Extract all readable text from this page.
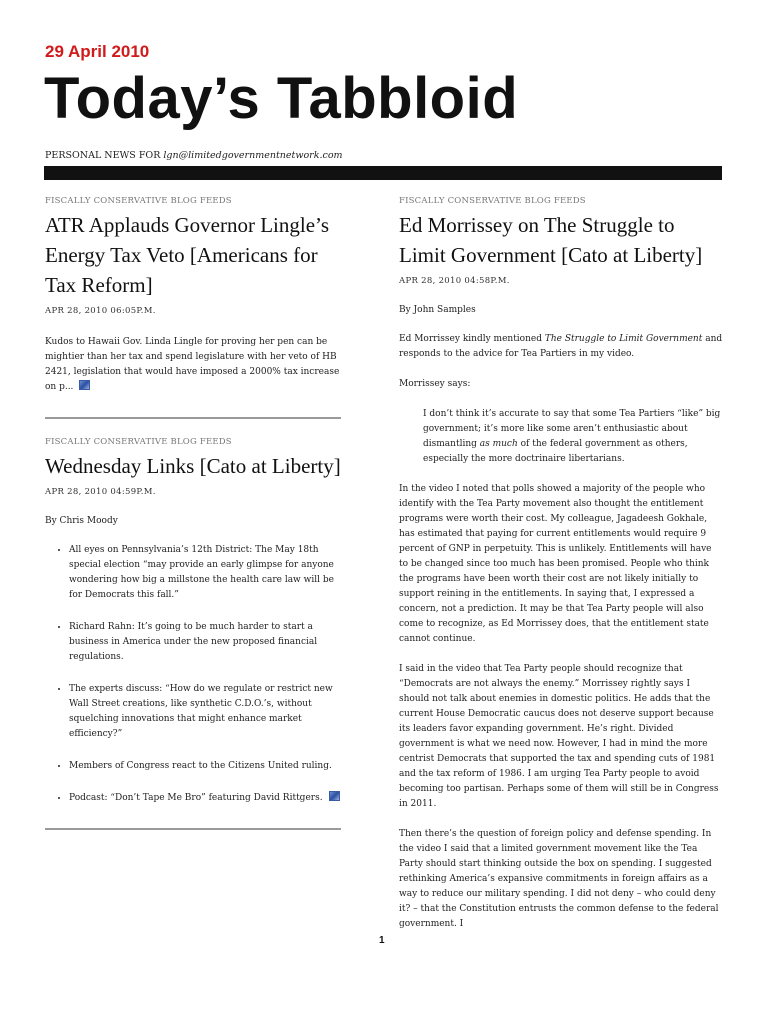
29 April 2010
Today’s Tabbloid
PERSONAL NEWS FOR lgn@limitedgovernmentnetwork.com
FISCALLY CONSERVATIVE BLOG FEEDS
ATR Applauds Governor Lingle’s Energy Tax Veto [Americans for Tax Reform]
APR 28, 2010 06:05P.M.

Kudos to Hawaii Gov. Linda Lingle for proving her pen can be mightier than her tax and spend legislature with her veto of HB 2421, legislation that would have imposed a 2000% tax increase on p...

FISCALLY CONSERVATIVE BLOG FEEDS
Wednesday Links [Cato at Liberty]
APR 28, 2010 04:59P.M.
By Chris Moody
• All eyes on Pennsylvania’s 12th District: The May 18th special election “may provide an early glimpse for anyone wondering how big a millstone the health care law will be for Democrats this fall.”
• Richard Rahn: It’s going to be much harder to start a business in America under the new proposed financial regulations.
• The experts discuss: “How do we regulate or restrict new Wall Street creations, like synthetic C.D.O.’s, without squelching innovations that might enhance market efficiency?”
• Members of Congress react to the Citizens United ruling.
• Podcast: “Don’t Tape Me Bro” featuring David Rittgers.
FISCALLY CONSERVATIVE BLOG FEEDS
Ed Morrissey on The Struggle to Limit Government [Cato at Liberty]
APR 28, 2010 04:58P.M.
By John Samples

Ed Morrissey kindly mentioned The Struggle to Limit Government and responds to the advice for Tea Partiers in my video.

Morrissey says:

I don’t think it’s accurate to say that some Tea Partiers “like” big government; it’s more like some aren’t enthusiastic about dismantling as much of the federal government as others, especially the more doctrinaire libertarians.

In the video I noted that polls showed a majority of the people who identify with the Tea Party movement also thought the entitlement programs were worth their cost. My colleague, Jagadeesh Gokhale, has estimated that paying for current entitlements would require 9 percent of GNP in perpetuity. This is unlikely. Entitlements will have to be changed since too much has been promised. People who think the programs have been worth their cost are not likely initially to support reining in the entitlements. In saying that, I expressed a concern, not a prediction. It may be that Tea Party people will also come to recognize, as Ed Morrissey does, that the entitlement state cannot continue.

I said in the video that Tea Party people should recognize that “Democrats are not always the enemy.” Morrissey rightly says I should not talk about enemies in domestic politics. He adds that the current House Democratic caucus does not deserve support because its leaders favor expanding government. He’s right. Divided government is what we need now. However, I had in mind the more centrist Democrats that supported the tax and spending cuts of 1981 and the tax reform of 1986. I am urging Tea Party people to avoid becoming too partisan. Perhaps some of them will still be in Congress in 2011.

Then there’s the question of foreign policy and defense spending. In the video I said that a limited government movement like the Tea Party should start thinking outside the box on spending. I suggested rethinking America’s expansive commitments in foreign affairs as a way to reduce our military spending. I did not deny – who could deny it? – that the Constitution entrusts the common defense to the federal government. I

1
